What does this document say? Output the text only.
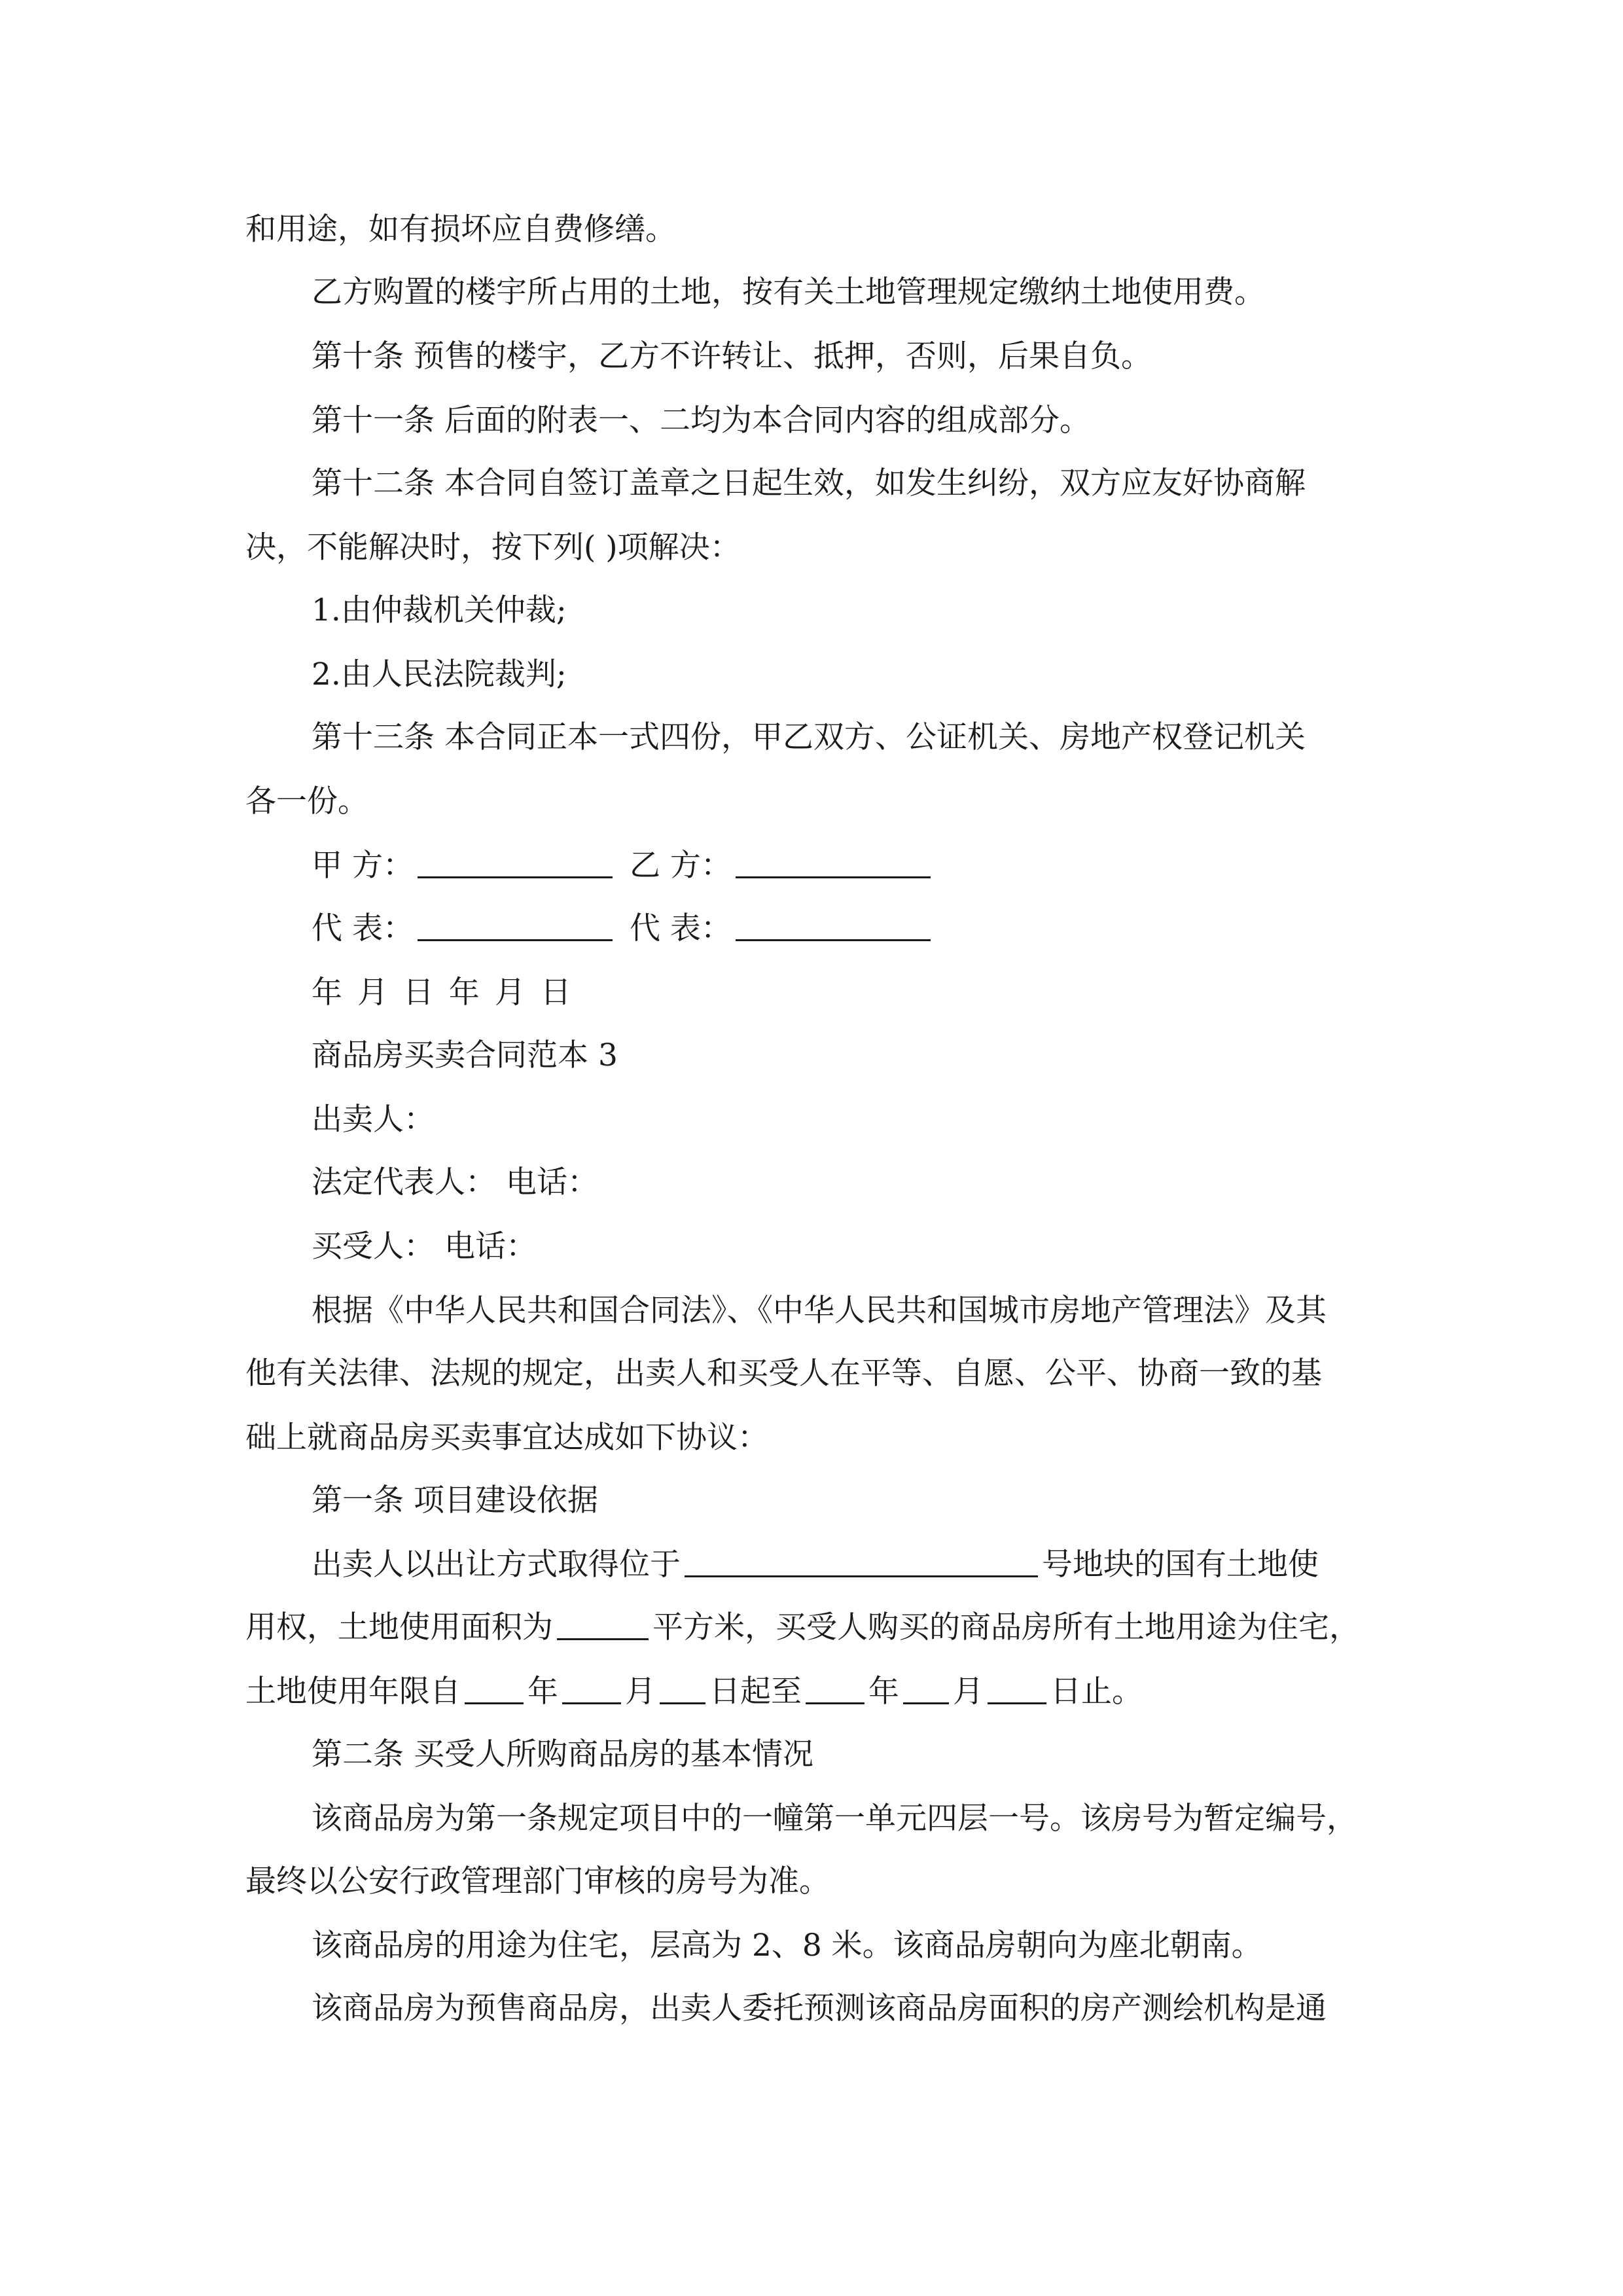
和用途，如有损坏应自费修缮。
乙方购置的楼宇所占用的土地，按有关土地管理规定缴纳土地使用费。
第十条 预售的楼宇，乙方不许转让、抵押，否则，后果自负。
第十一条 后面的附表一、二均为本合同内容的组成部分。
第十二条 本合同自签订盖章之日起生效，如发生纠纷，双方应友好协商解
决，不能解决时，按下列( )项解决：
1.由仲裁机关仲裁;
2.由人民法院裁判;
第十三条 本合同正本一式四份，甲乙双方、公证机关、房地产权登记机关
各一份。
甲 方：	乙 方：
代 表：	代 表：
年 月 日 年 月 日
商品房买卖合同范本 3
出卖人：
法定代表人： 电话：
买受人： 电话：
根据《中华人民共和国合同法》、《中华人民共和国城市房地产管理法》及其
他有关法律、法规的规定，出卖人和买受人在平等、自愿、公平、协商一致的基
础上就商品房买卖事宜达成如下协议：
第一条 项目建设依据
出卖人以出让方式取得位于	号地块的国有土地使
用权，土地使用面积为	平方米，买受人购买的商品房所有土地用途为住宅，
土地使用年限自 年 月 日起至 年 月 日止。
第二条 买受人所购商品房的基本情况
该商品房为第一条规定项目中的一幢第一单元四层一号。该房号为暂定编号，
最终以公安行政管理部门审核的房号为准。
该商品房的用途为住宅，层高为 2、8 米。该商品房朝向为座北朝南。
该商品房为预售商品房，出卖人委托预测该商品房面积的房产测绘机构是通
